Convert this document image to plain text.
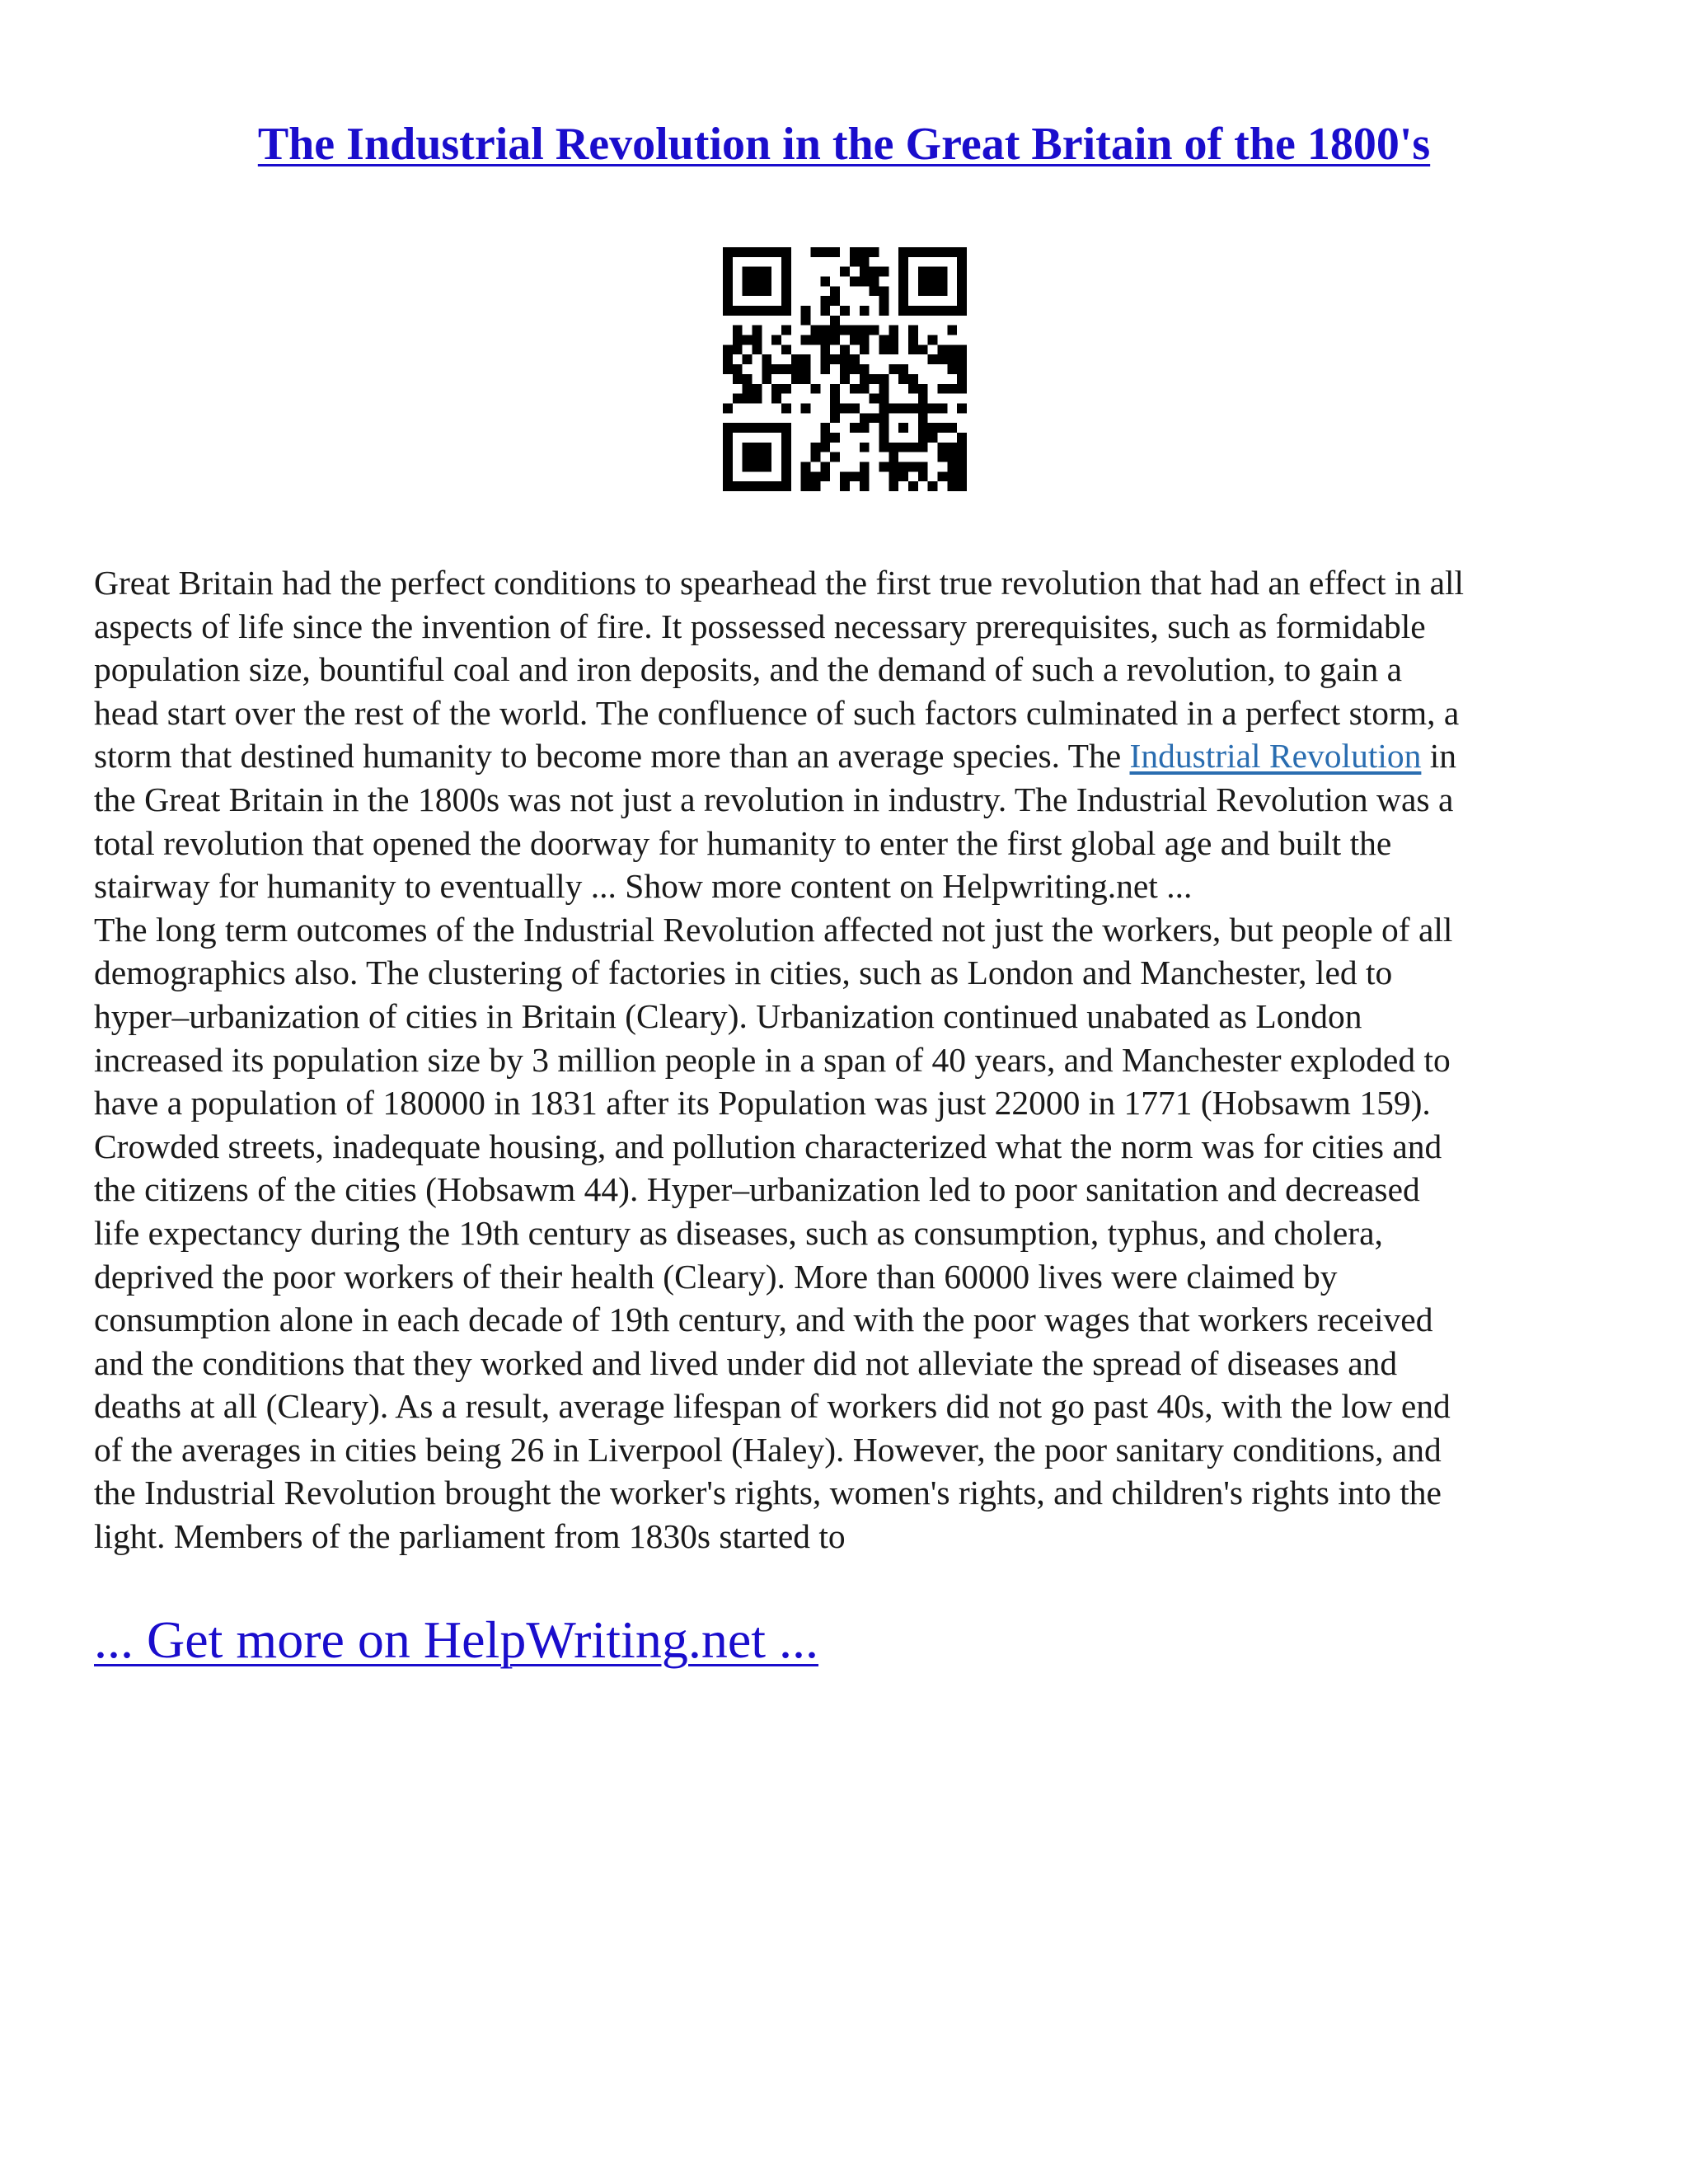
The Industrial Revolution in the Great Britain of the 1800's

Great Britain had the perfect conditions to spearhead the first true revolution that had an effect in all

aspects of life since the invention of fire. It possessed necessary prerequisites, such as formidable

population size, bountiful coal and iron deposits, and the demand of such a revolution, to gain a

head start over the rest of the world. The confluence of such factors culminated in a perfect storm, a

storm that destined humanity to become more than an average species. The Industrial Revolution in

the Great Britain in the 1800s was not just a revolution in industry. The Industrial Revolution was a

total revolution that opened the doorway for humanity to enter the first global age and built the

stairway for humanity to eventually ... Show more content on Helpwriting.net ...

The long term outcomes of the Industrial Revolution affected not just the workers, but people of all

demographics also. The clustering of factories in cities, such as London and Manchester, led to

hyper–urbanization of cities in Britain (Cleary). Urbanization continued unabated as London

increased its population size by 3 million people in a span of 40 years, and Manchester exploded to

have a population of 180000 in 1831 after its Population was just 22000 in 1771 (Hobsawm 159).

Crowded streets, inadequate housing, and pollution characterized what the norm was for cities and

the citizens of the cities (Hobsawm 44). Hyper–urbanization led to poor sanitation and decreased

life expectancy during the 19th century as diseases, such as consumption, typhus, and cholera,

deprived the poor workers of their health (Cleary). More than 60000 lives were claimed by

consumption alone in each decade of 19th century, and with the poor wages that workers received

and the conditions that they worked and lived under did not alleviate the spread of diseases and

deaths at all (Cleary). As a result, average lifespan of workers did not go past 40s, with the low end

of the averages in cities being 26 in Liverpool (Haley). However, the poor sanitary conditions, and

the Industrial Revolution brought the worker's rights, women's rights, and children's rights into the

light. Members of the parliament from 1830s started to

... Get more on HelpWriting.net ...
